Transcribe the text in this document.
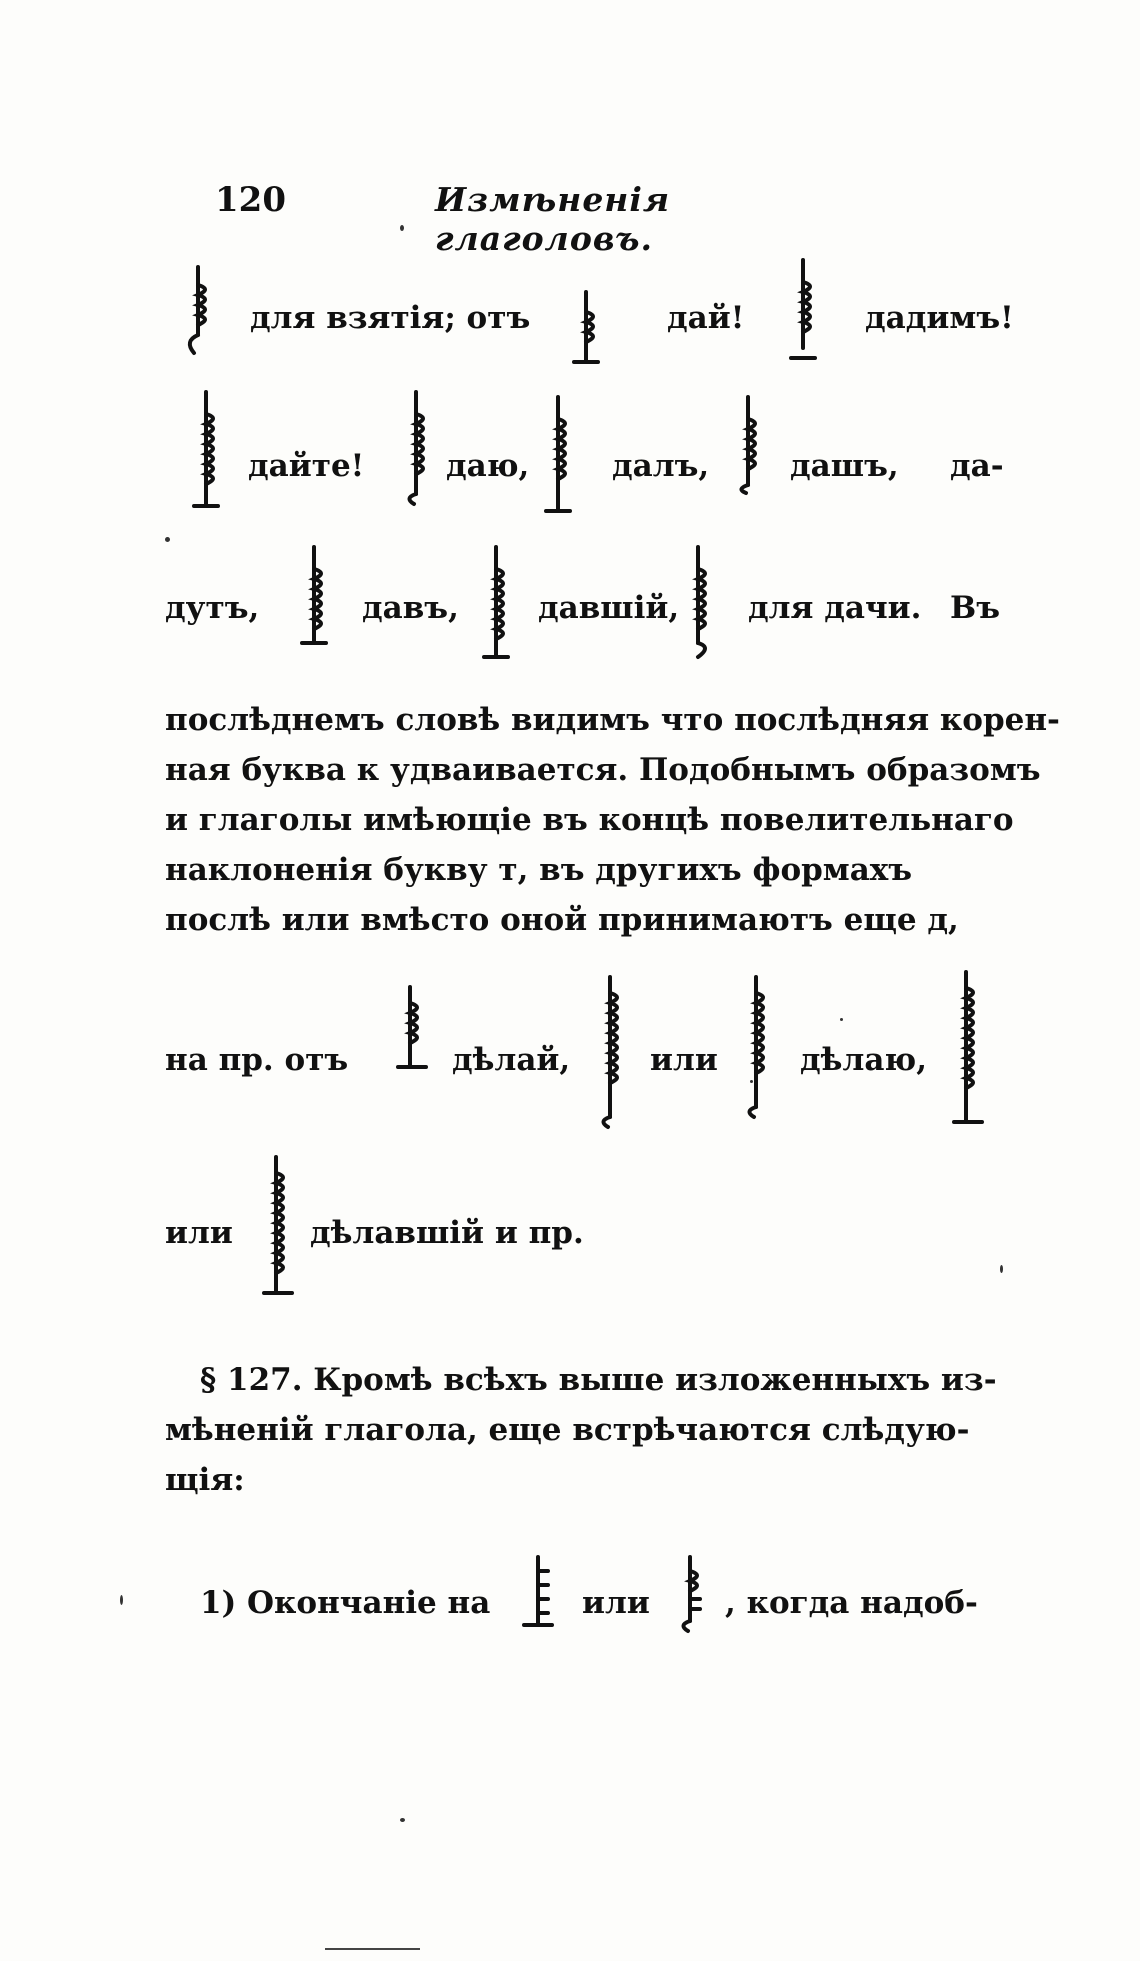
120	Измѣненія глаголовъ.
для взятія; отъ	дай!	дадимъ!
дайте!	даю,	далъ,	дашъ, да-
дутъ,	давъ,	давшій, для дачи. Въ
послѣднемъ словѣ видимъ что послѣдняя корен-
ная буква к удваивается. Подобнымъ образомъ
и глаголы имѣющіе въ концѣ повелительнаго
наклоненія букву т, въ другихъ формахъ
послѣ или вмѣсто оной принимаютъ еще д,
на пр. отъ	дѣлай,	или	дѣлаю,
или дѣлавшій и пр.
§ 127. Кромѣ всѣхъ выше изложенныхъ из-
мѣненій глагола, еще встрѣчаются слѣдую-
щія:
1) Окончаніе на	или , когда надоб-
